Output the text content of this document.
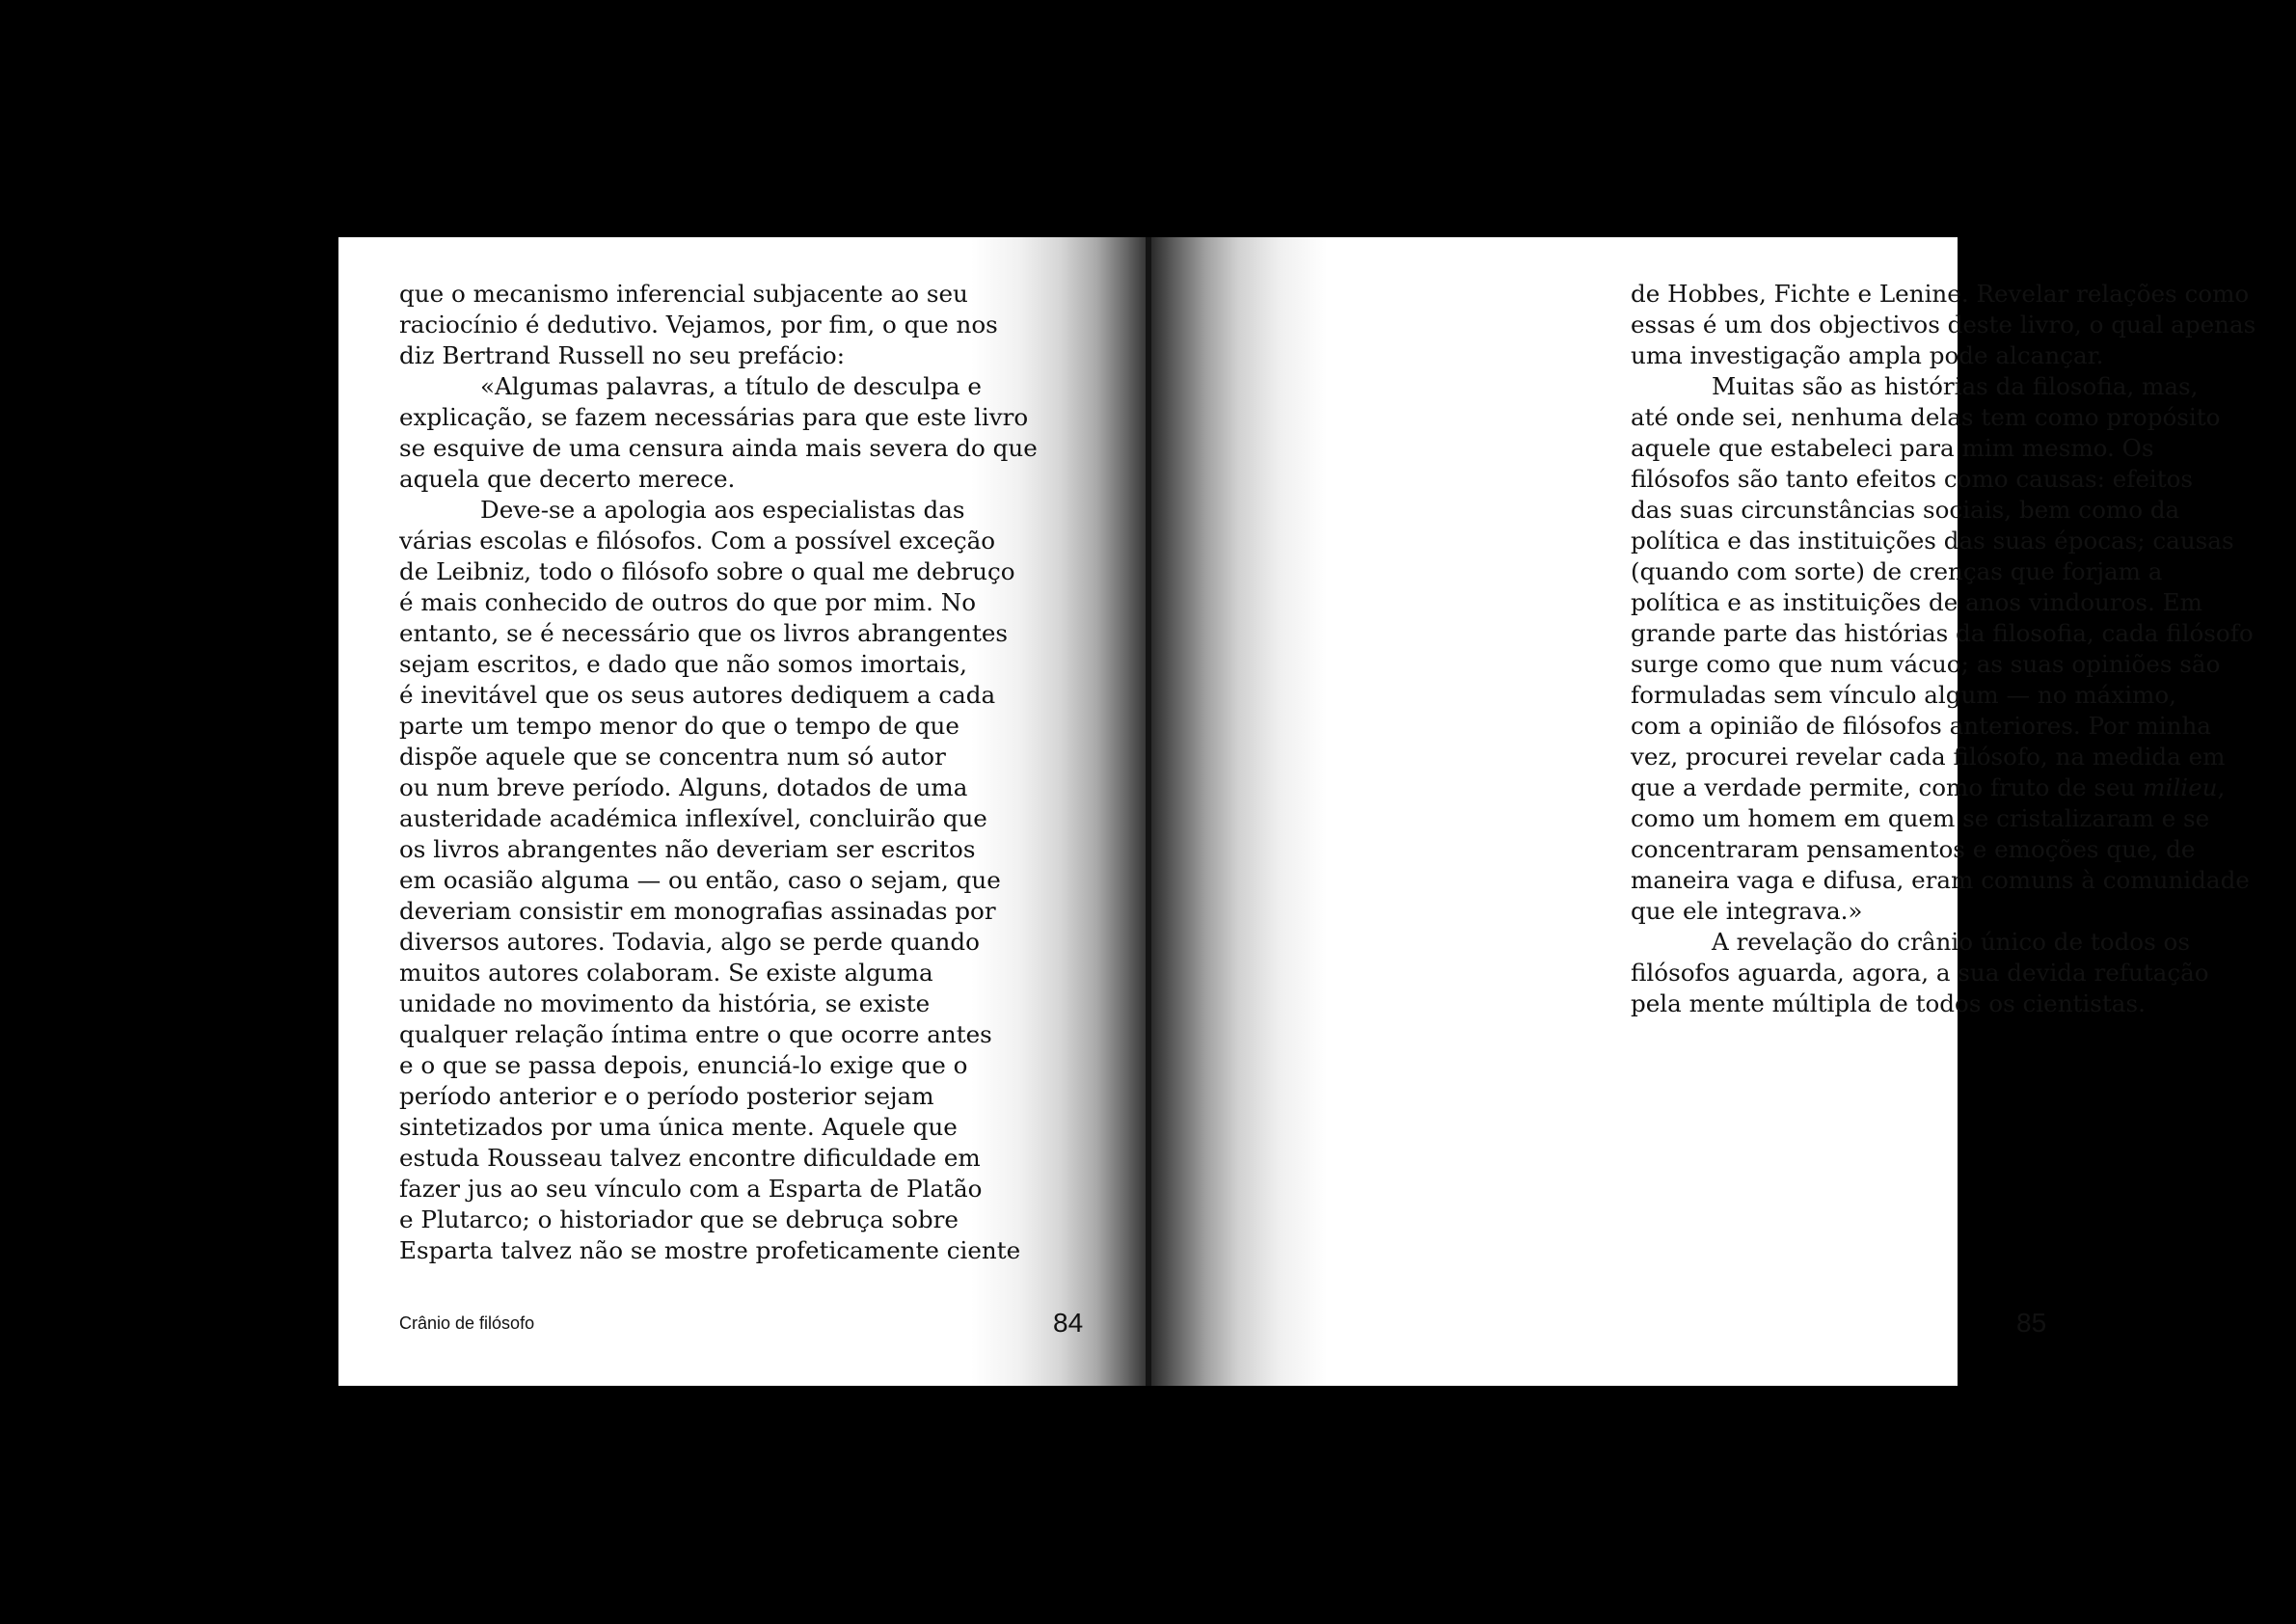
que o mecanismo inferencial subjacente ao seu
raciocínio é dedutivo. Vejamos, por fim, o que nos
diz Bertrand Russell no seu prefácio:
«Algumas palavras, a título de desculpa e
explicação, se fazem necessárias para que este livro
se esquive de uma censura ainda mais severa do que
aquela que decerto merece.
Deve-se a apologia aos especialistas das
várias escolas e filósofos. Com a possível exceção
de Leibniz, todo o filósofo sobre o qual me debruço
é mais conhecido de outros do que por mim. No
entanto, se é necessário que os livros abrangentes
sejam escritos, e dado que não somos imortais,
é inevitável que os seus autores dediquem a cada
parte um tempo menor do que o tempo de que
dispõe aquele que se concentra num só autor
ou num breve período. Alguns, dotados de uma
austeridade académica inflexível, concluirão que
os livros abrangentes não deveriam ser escritos
em ocasião alguma — ou então, caso o sejam, que
deveriam consistir em monografias assinadas por
diversos autores. Todavia, algo se perde quando
muitos autores colaboram. Se existe alguma
unidade no movimento da história, se existe
qualquer relação íntima entre o que ocorre antes
e o que se passa depois, enunciá-lo exige que o
período anterior e o período posterior sejam
sintetizados por uma única mente. Aquele que
estuda Rousseau talvez encontre dificuldade em
fazer jus ao seu vínculo com a Esparta de Platão
e Plutarco; o historiador que se debruça sobre
Esparta talvez não se mostre profeticamente ciente
Crânio de filósofo	84
de Hobbes, Fichte e Lenine. Revelar relações como
essas é um dos objectivos deste livro, o qual apenas
uma investigação ampla pode alcançar.
Muitas são as histórias da filosofia, mas,
até onde sei, nenhuma delas tem como propósito
aquele que estabeleci para mim mesmo. Os
filósofos são tanto efeitos como causas: efeitos
das suas circunstâncias sociais, bem como da
política e das instituições das suas épocas; causas
(quando com sorte) de crenças que forjam a
política e as instituições de anos vindouros. Em
grande parte das histórias da filosofia, cada filósofo
surge como que num vácuo; as suas opiniões são
formuladas sem vínculo algum — no máximo,
com a opinião de filósofos anteriores. Por minha
vez, procurei revelar cada filósofo, na medida em
que a verdade permite, como fruto de seu milieu,
como um homem em quem se cristalizaram e se
concentraram pensamentos e emoções que, de
maneira vaga e difusa, eram comuns à comunidade
que ele integrava.»
A revelação do crânio único de todos os
filósofos aguarda, agora, a sua devida refutação
pela mente múltipla de todos os cientistas.
85
